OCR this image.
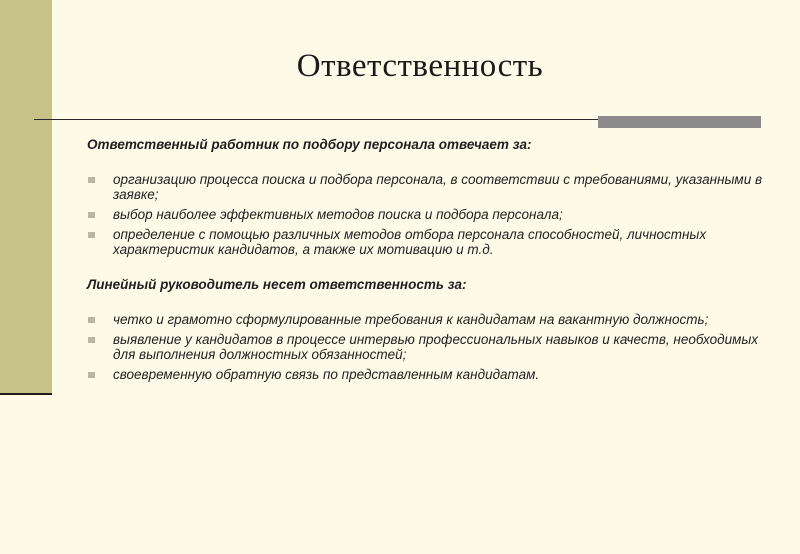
Ответственность

Ответственный работник по подбору персонала отвечает за:

организацию процесса поиска и подбора персонала, в соответствии с требованиями, указанными в заявке;
выбор наиболее эффективных методов поиска и подбора персонала;
определение с помощью различных методов отбора персонала способностей, личностных характеристик кандидатов, а также их мотивацию и т.д.

Линейный руководитель несет ответственность за:

четко и грамотно сформулированные требования к кандидатам на вакантную должность;
выявление у кандидатов в процессе интервью профессиональных навыков и качеств, необходимых для выполнения должностных обязанностей;
своевременную обратную связь по представленным кандидатам.
